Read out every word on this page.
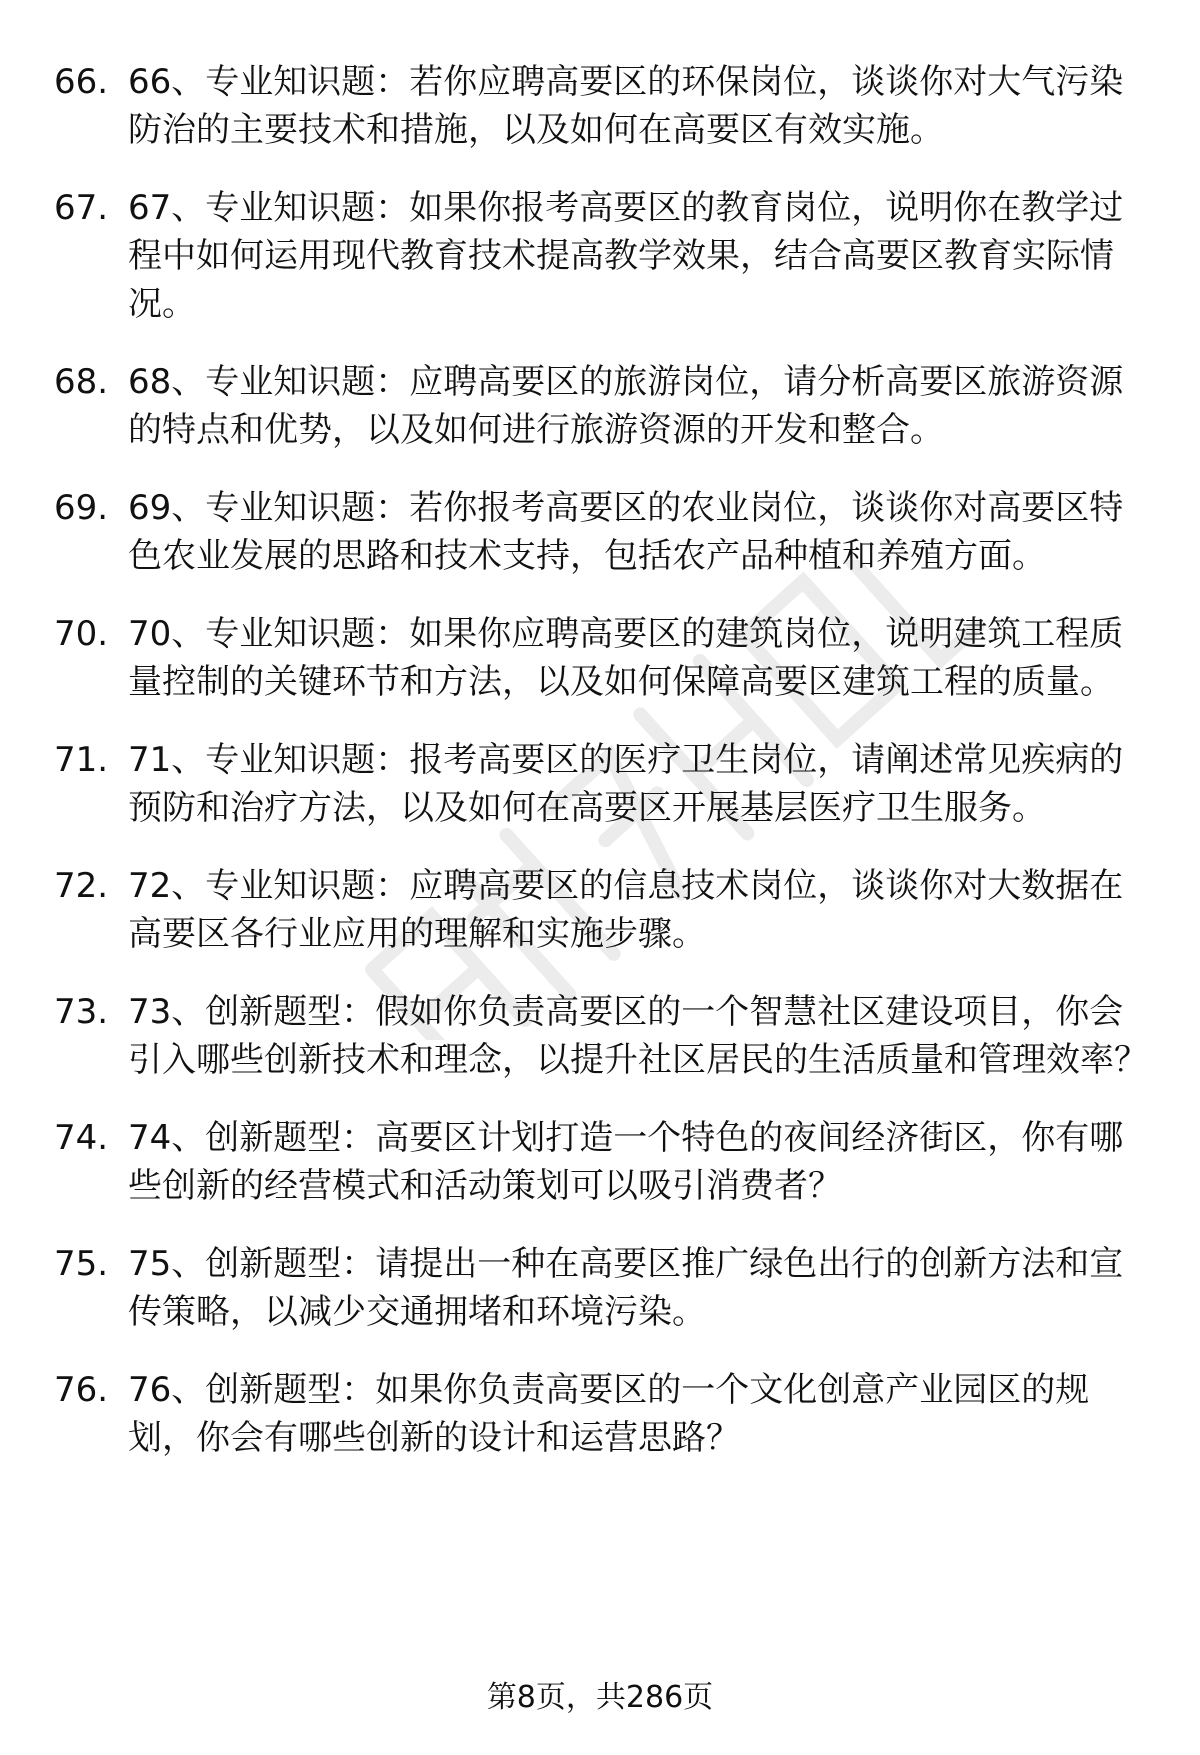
66. 66、专业知识题：若你应聘高要区的环保岗位，谈谈你对大气污染防治的主要技术和措施，以及如何在高要区有效实施。
67. 67、专业知识题：如果你报考高要区的教育岗位，说明你在教学过程中如何运用现代教育技术提高教学效果，结合高要区教育实际情况。
68. 68、专业知识题：应聘高要区的旅游岗位，请分析高要区旅游资源的特点和优势，以及如何进行旅游资源的开发和整合。
69. 69、专业知识题：若你报考高要区的农业岗位，谈谈你对高要区特色农业发展的思路和技术支持，包括农产品种植和养殖方面。
70. 70、专业知识题：如果你应聘高要区的建筑岗位，说明建筑工程质量控制的关键环节和方法，以及如何保障高要区建筑工程的质量。
71. 71、专业知识题：报考高要区的医疗卫生岗位，请阐述常见疾病的预防和治疗方法，以及如何在高要区开展基层医疗卫生服务。
72. 72、专业知识题：应聘高要区的信息技术岗位，谈谈你对大数据在高要区各行业应用的理解和实施步骤。
73. 73、创新题型：假如你负责高要区的一个智慧社区建设项目，你会引入哪些创新技术和理念，以提升社区居民的生活质量和管理效率？
74. 74、创新题型：高要区计划打造一个特色的夜间经济街区，你有哪些创新的经营模式和活动策划可以吸引消费者？
75. 75、创新题型：请提出一种在高要区推广绿色出行的创新方法和宣传策略，以减少交通拥堵和环境污染。
76. 76、创新题型：如果你负责高要区的一个文化创意产业园区的规划，你会有哪些创新的设计和运营思路？
第8页，共286页
